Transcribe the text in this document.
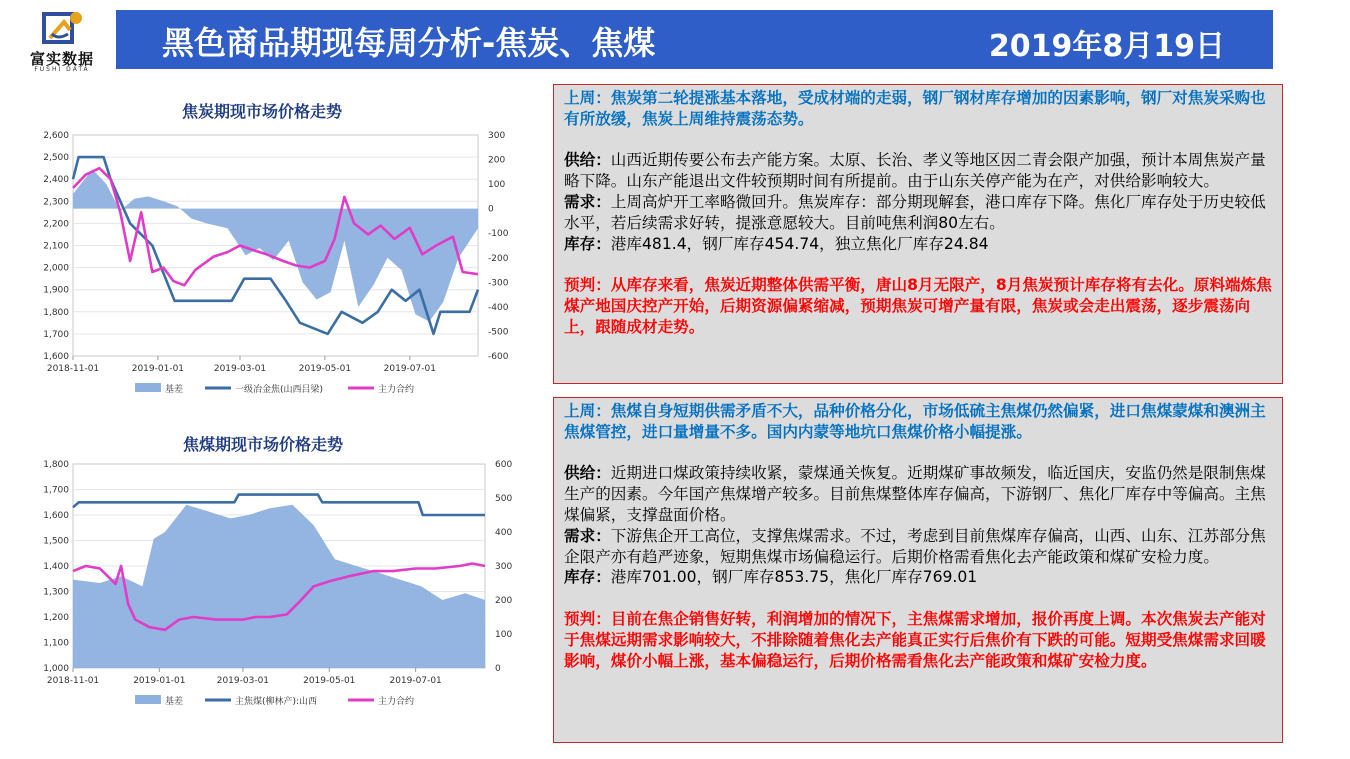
富实数据
FUSHI DATA
黑色商品期现每周分析-焦炭、焦煤	2019年8月19日
焦炭期现市场价格走势
2,600
2,500
2,400
2,300
2,200
2,100
2,000
1,900
1,800
1,700
1,600
300
200
100
0
-100
-200
-300
-400
-500
-600
2018-11-01	2019-01-01	2019-03-01	2019-05-01	2019-07-01
基差	一级冶金焦(山西吕梁)	主力合约
焦煤期现市场价格走势
1,800
1,700
1,600
1,500
1,400
1,300
1,200
1,100
1,000
600
500
400
300
200
100
0
2018-11-01	2019-01-01	2019-03-01	2019-05-01	2019-07-01
基差	主焦煤(柳林产):山西	主力合约

上周：焦炭第二轮提涨基本落地，受成材端的走弱，钢厂钢材库存增加的因素影响，钢厂对焦炭采购也有所放缓，焦炭上周维持震荡态势。

供给：山西近期传要公布去产能方案。太原、长治、孝义等地区因二青会限产加强，预计本周焦炭产量略下降。山东产能退出文件较预期时间有所提前。由于山东关停产能为在产，对供给影响较大。

需求：上周高炉开工率略微回升。焦炭库存：部分期现解套，港口库存下降。焦化厂库存处于历史较低水平，若后续需求好转，提涨意愿较大。目前吨焦利润80左右。

库存：港库481.4，钢厂库存454.74，独立焦化厂库存24.84

预判：从库存来看，焦炭近期整体供需平衡，唐山8月无限产，8月焦炭预计库存将有去化。原料端炼焦煤产地国庆控产开始，后期资源偏紧缩减，预期焦炭可增产量有限，焦炭或会走出震荡，逐步震荡向上，跟随成材走势。

上周：焦煤自身短期供需矛盾不大，品种价格分化，市场低硫主焦煤仍然偏紧，进口焦煤蒙煤和澳洲主焦煤管控，进口量增量不多。国内内蒙等地坑口焦煤价格小幅提涨。

供给：近期进口煤政策持续收紧，蒙煤通关恢复。近期煤矿事故频发，临近国庆，安监仍然是限制焦煤生产的因素。今年国产焦煤增产较多。目前焦煤整体库存偏高，下游钢厂、焦化厂库存中等偏高。主焦煤偏紧，支撑盘面价格。

需求：下游焦企开工高位，支撑焦煤需求。不过，考虑到目前焦煤库存偏高，山西、山东、江苏部分焦企限产亦有趋严迹象，短期焦煤市场偏稳运行。后期价格需看焦化去产能政策和煤矿安检力度。

库存：港库701.00，钢厂库存853.75，焦化厂库存769.01

预判：目前在焦企销售好转，利润增加的情况下，主焦煤需求增加，报价再度上调。本次焦炭去产能对于焦煤远期需求影响较大，不排除随着焦化去产能真正实行后焦价有下跌的可能。短期受焦煤需求回暖影响，煤价小幅上涨，基本偏稳运行，后期价格需看焦化去产能政策和煤矿安检力度。
